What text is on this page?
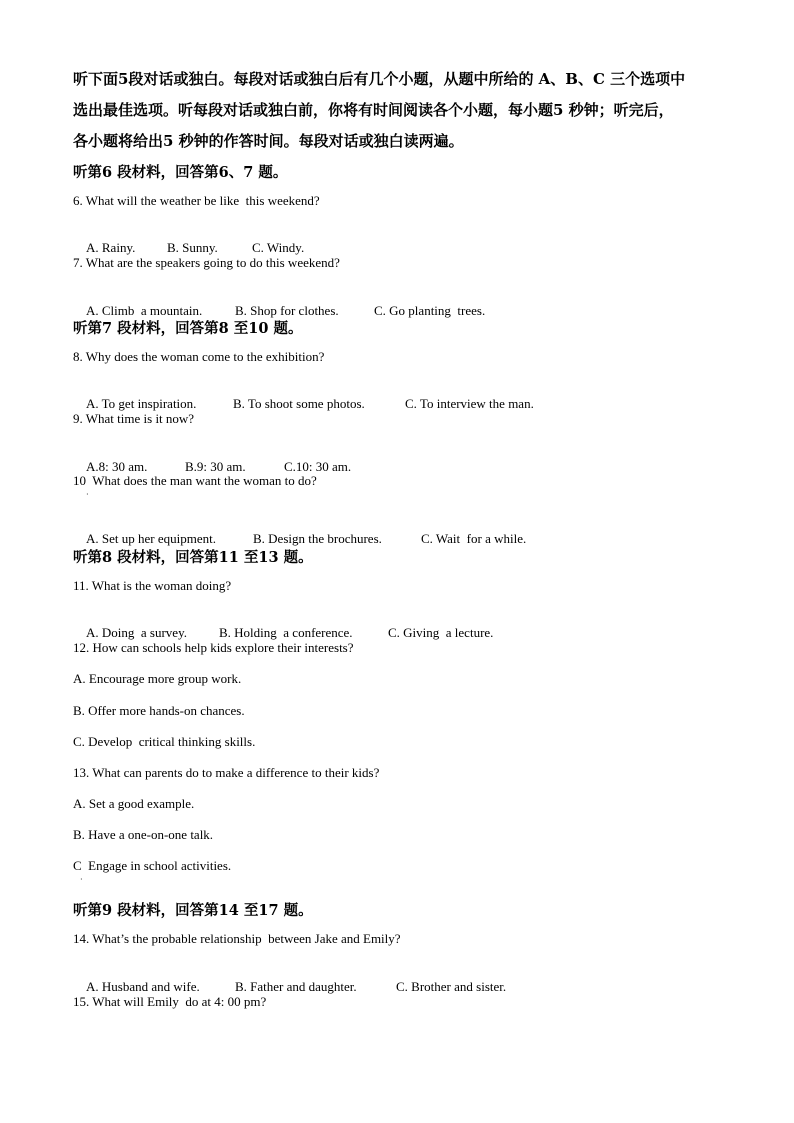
听下面5段对话或独白。每段对话或独白后有几个小题，从题中所给的 A、B、C 三个选项中
选出最佳选项。听每段对话或独白前，你将有时间阅读各个小题，每小题5 秒钟；听完后，
各小题将给出5 秒钟的作答时间。每段对话或独白读两遍。
听第6 段材料，回答第6、7 题。
6. What will the weather be like  this weekend?

A. Rainy. B. Sunny.	C. Windy.

7. What are the speakers going to do this weekend?

A. Climb  a mountain.	B. Shop for clothes.	C. Go planting  trees.

听第7 段材料，回答第8 至10 题。
8. Why does the woman come to the exhibition?

A. To get inspiration.	B. To shoot some photos.	C. To interview the man.

9. What time is it now?

A.8: 30 am.	B.9: 30 am.	C.10: 30 am.

10  What does the man want the woman to do?
·

A. Set up her equipment.	B. Design the brochures.	C. Wait  for a while.

听第8 段材料，回答第11 至13 题。
11. What is the woman doing?

A. Doing  a survey. B. Holding  a conference.	C. Giving  a lecture.

12. How can schools help kids explore their interests?
A. Encourage more group work.
B. Offer more hands-on chances.
C. Develop  critical thinking skills.
13. What can parents do to make a difference to their kids?
A. Set a good example.
B. Have a one-on-one talk.
C  Engage in school activities.
·
听第9 段材料，回答第14 至17 题。
14. What’s the probable relationship  between Jake and Emily?

A. Husband and wife.	B. Father and daughter.	C. Brother and sister.

15. What will Emily  do at 4: 00 pm?
